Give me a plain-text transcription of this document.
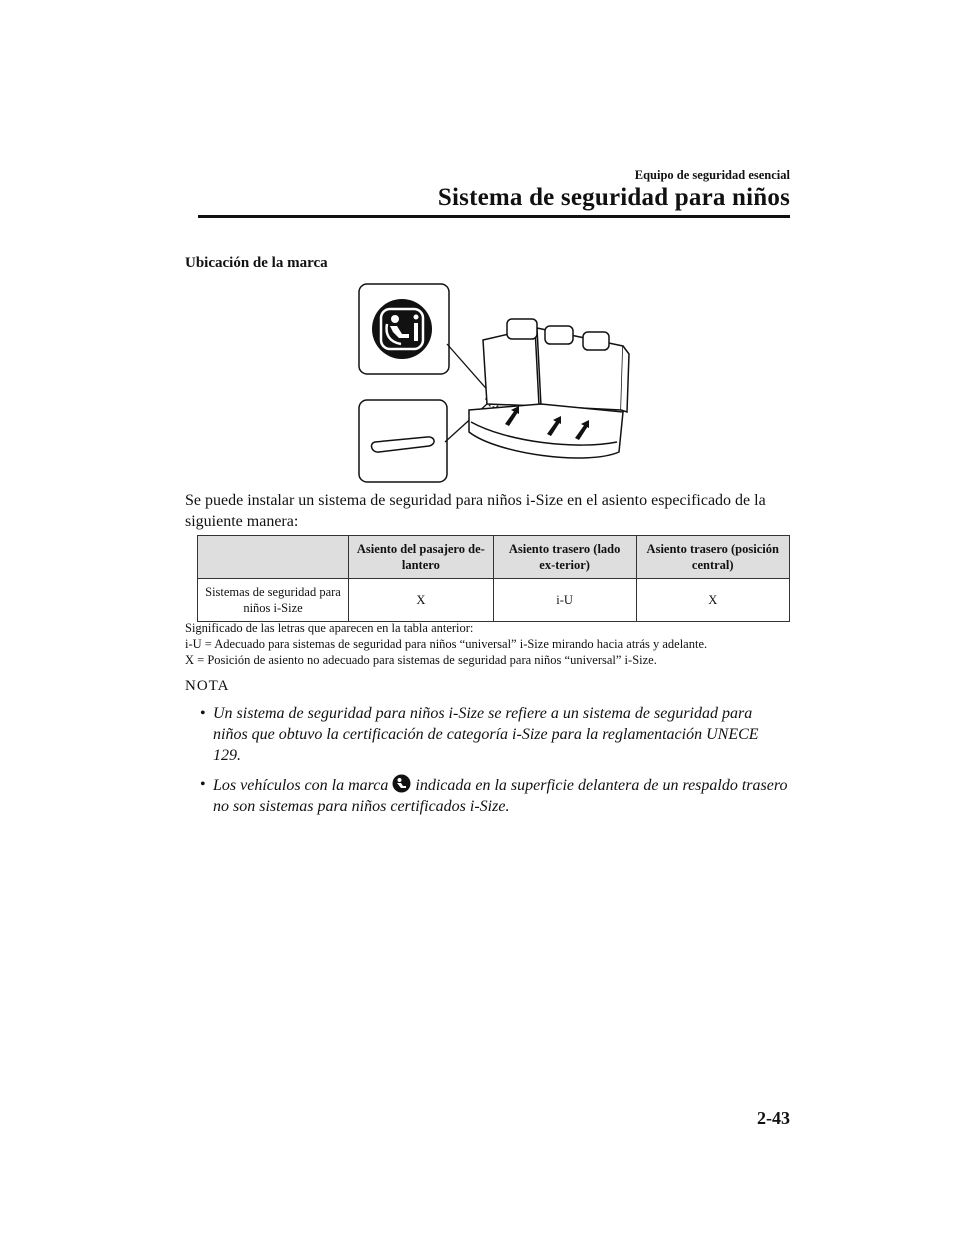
Equipo de seguridad esencial
Sistema de seguridad para niños
Ubicación de la marca
Se puede instalar un sistema de seguridad para niños i-Size en el asiento especificado de la siguiente manera:
	Asiento del pasajero de-lantero	Asiento trasero (lado ex-terior)	Asiento trasero (posición central)
Sistemas de seguridad para niños i-Size	X	i-U	X
Significado de las letras que aparecen en la tabla anterior:
i-U = Adecuado para sistemas de seguridad para niños “universal” i-Size mirando hacia atrás y adelante.
X = Posición de asiento no adecuado para sistemas de seguridad para niños “universal” i-Size.
NOTA
• Un sistema de seguridad para niños i-Size se refiere a un sistema de seguridad para niños que obtuvo la certificación de categoría i-Size para la reglamentación UNECE 129.
• Los vehículos con la marca indicada en la superficie delantera de un respaldo trasero no son sistemas para niños certificados i-Size.
2-43
